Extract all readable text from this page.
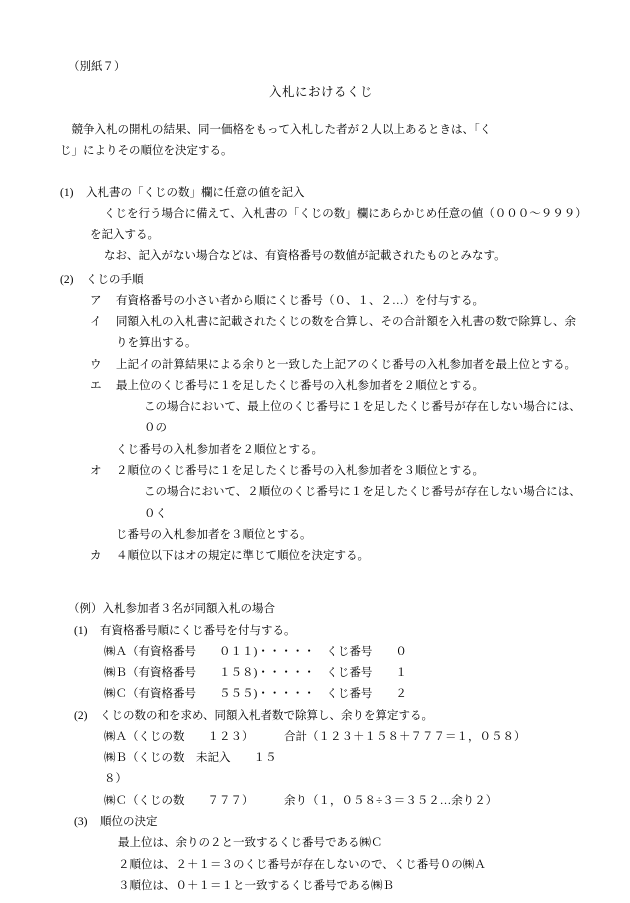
（別紙７）
入札におけるくじ
　競争入札の開札の結果、同一価格をもって入札した者が２人以上あるときは、「く
じ」によりその順位を決定する。
(1)	入札書の「くじの数」欄に任意の値を記入
くじを行う場合に備えて、入札書の「くじの数」欄にあらかじめ任意の値（０００〜９９９）
を記入する。
なお、記入がない場合などは、有資格番号の数値が記載されたものとみなす。
(2)	くじの手順
ア	有資格番号の小さい者から順にくじ番号（０、１、２…）を付与する。
イ	同額入札の入札書に記載されたくじの数を合算し、その合計額を入札書の数で除算し、余
りを算出する。
ウ	上記イの計算結果による余りと一致した上記アのくじ番号の入札参加者を最上位とする。
エ	最上位のくじ番号に１を足したくじ番号の入札参加者を２順位とする。
この場合において、最上位のくじ番号に１を足したくじ番号が存在しない場合には、０の
くじ番号の入札参加者を２順位とする。
オ	２順位のくじ番号に１を足したくじ番号の入札参加者を３順位とする。
この場合において、２順位のくじ番号に１を足したくじ番号が存在しない場合には、０く
じ番号の入札参加者を３順位とする。
カ	４順位以下はオの規定に準じて順位を決定する。
（例）入札参加者３名が同額入札の場合
(1)	有資格番号順にくじ番号を付与する。
㈱Ａ（有資格番号　　０１１)・・・・・　くじ番号　　０
㈱Ｂ（有資格番号　　１５８)・・・・・　くじ番号　　１
㈱Ｃ（有資格番号　　５５５)・・・・・　くじ番号　　２
(2)	くじの数の和を求め、同額入札者数で除算し、余りを算定する。
㈱Ａ（くじの数　　１２３）	合計（１２３＋１５８＋７７７＝１，０５８）
㈱Ｂ（くじの数　未記入　　１５８）
㈱Ｃ（くじの数　　７７７）	余り（１，０５８÷３＝３５２…余り２）
(3)	順位の決定
最上位は、余りの２と一致するくじ番号である㈱Ｃ
２順位は、２＋１＝３のくじ番号が存在しないので、くじ番号０の㈱Ａ
３順位は、０＋１＝１と一致するくじ番号である㈱Ｂ
